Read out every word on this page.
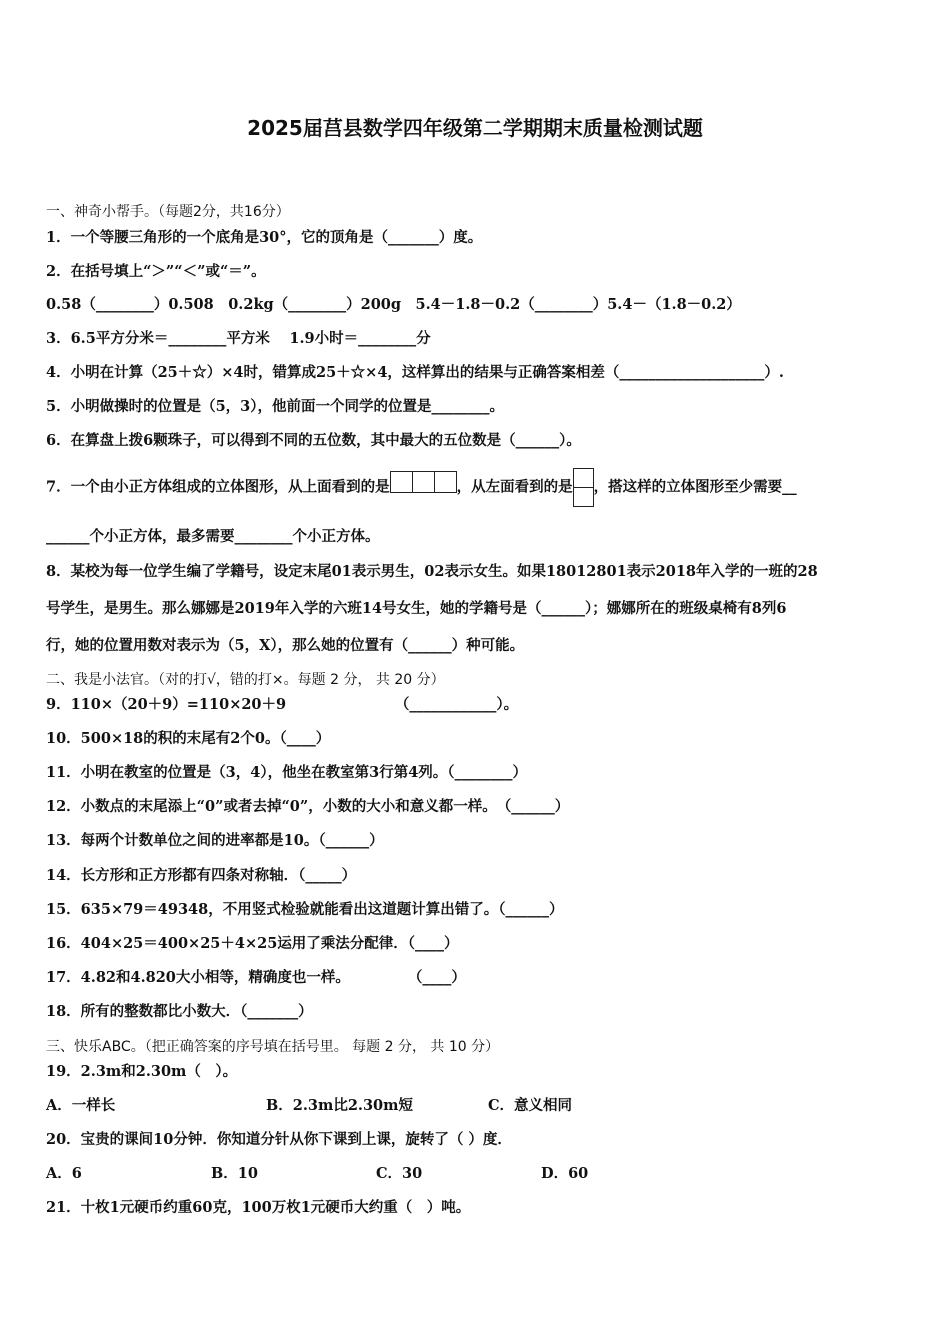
2025届莒县数学四年级第二学期期末质量检测试题
一、神奇小帮手。（每题2分，共16分）
1．一个等腰三角形的一个底角是30°，它的顶角是（_______）度。
2．在括号填上“＞”“＜”或“＝”。
0.58（________）0.508　0.2kg（________）200g　5.4－1.8－0.2（________）5.4－（1.8－0.2）
3．6.5平方分米＝________平方米　 1.9小时＝________分
4．小明在计算（25＋☆）×4时，错算成25＋☆×4，这样算出的结果与正确答案相差（____________________）.
5．小明做操时的位置是（5，3），他前面一个同学的位置是________。
6．在算盘上拨6颗珠子，可以得到不同的五位数，其中最大的五位数是（______）。
7．一个由小正方体组成的立体图形，从上面看到的是	，从左面看到的是 ，搭这样的立体图形至少需要__
______个小正方体，最多需要________个小正方体。
8．某校为每一位学生编了学籍号，设定末尾01表示男生，02表示女生。如果18012801表示2018年入学的一班的28
号学生，是男生。那么娜娜是2019年入学的六班14号女生，她的学籍号是（______）；娜娜所在的班级桌椅有8列6
行，她的位置用数对表示为（5，X），那么她的位置有（______）种可能。
二、我是小法官。（对的打√，错的打×。每题 2 分， 共 20 分）
9．110×（20＋9）=110×20＋9　　　　　　　　（____________）。
10．500×18的积的末尾有2个0。（____）
11．小明在教室的位置是（3，4），他坐在教室第3行第4列。（________）
12．小数点的末尾添上“0”或者去掉“0”，小数的大小和意义都一样。　（______）
13．每两个计数单位之间的进率都是10。（______）
14．长方形和正方形都有四条对称轴．（_____）
15．635×79＝49348，不用竖式检验就能看出这道题计算出错了。（______）
16．404×25＝400×25＋4×25运用了乘法分配律．（____）
17．4.82和4.820大小相等，精确度也一样。　　　　　（____）
18．所有的整数都比小数大．（_______）
三、快乐ABC。（把正确答案的序号填在括号里。 每题 2 分， 共 10 分）
19．2.3m和2.30m（　）。
A．一样长	B．2.3m比2.30m短	C．意义相同
20．宝贵的课间10分钟．你知道分针从你下课到上课，旋转了（ ）度．
A．6	B．10	C．30	D．60
21．十枚1元硬币约重60克，100万枚1元硬币大约重（　）吨。
